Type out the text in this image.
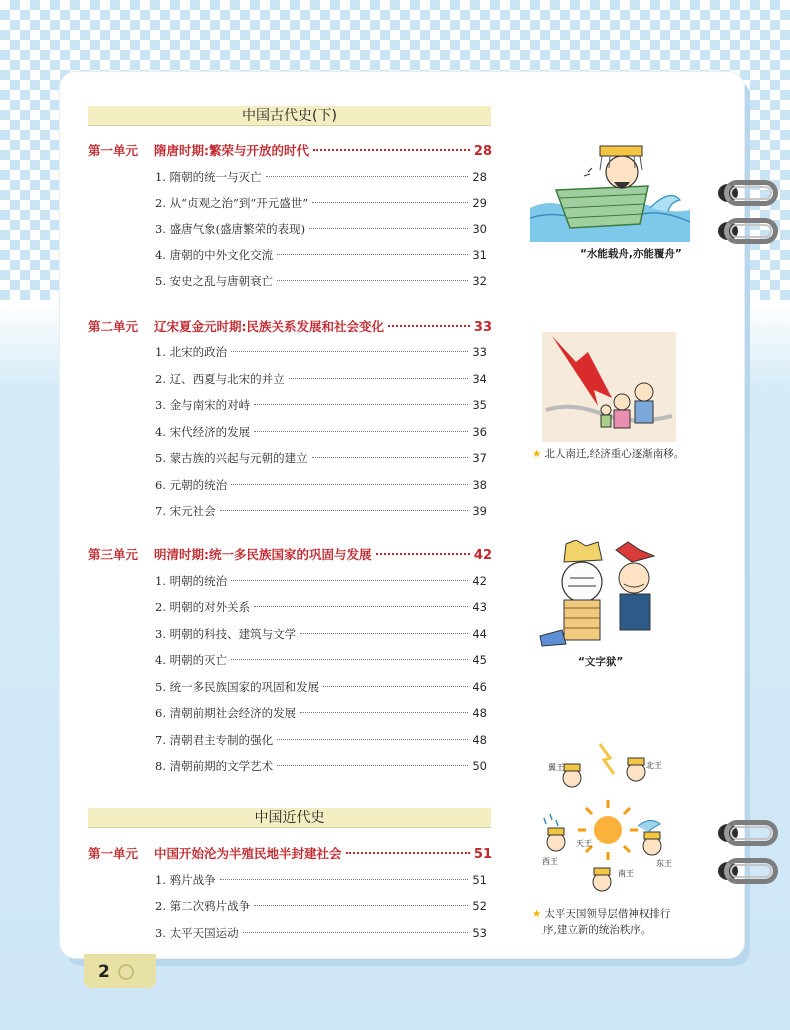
中国古代史(下)
第一单元	隋唐时期:繁荣与开放的时代	28
1. 隋朝的统一与灭亡	28
2. 从“贞观之治”到“开元盛世”	29
3. 盛唐气象(盛唐繁荣的表现)	30
4. 唐朝的中外文化交流	31
5. 安史之乱与唐朝衰亡	32
第二单元	辽宋夏金元时期:民族关系发展和社会变化	33
1. 北宋的政治	33
2. 辽、西夏与北宋的并立	34
3. 金与南宋的对峙	35
4. 宋代经济的发展	36
5. 蒙古族的兴起与元朝的建立	37
6. 元朝的统治	38
7. 宋元社会	39
第三单元	明清时期:统一多民族国家的巩固与发展	42
1. 明朝的统治	42
2. 明朝的对外关系	43
3. 明朝的科技、建筑与文学	44
4. 明朝的灭亡	45
5. 统一多民族国家的巩固和发展	46
6. 清朝前期社会经济的发展	48
7. 清朝君主专制的强化	48
8. 清朝前期的文学艺术	50
中国近代史
第一单元	中国开始沦为半殖民地半封建社会	51
1. 鸦片战争	51
2. 第二次鸦片战争	52
3. 太平天国运动	53
“水能载舟,亦能覆舟”
★ 北人南迁,经济重心逐渐南移。
“文字狱”
翼王	北王
天王
东王
西王
南王
★ 太平天国领导层借神权排行
序,建立新的统治秩序。
2
